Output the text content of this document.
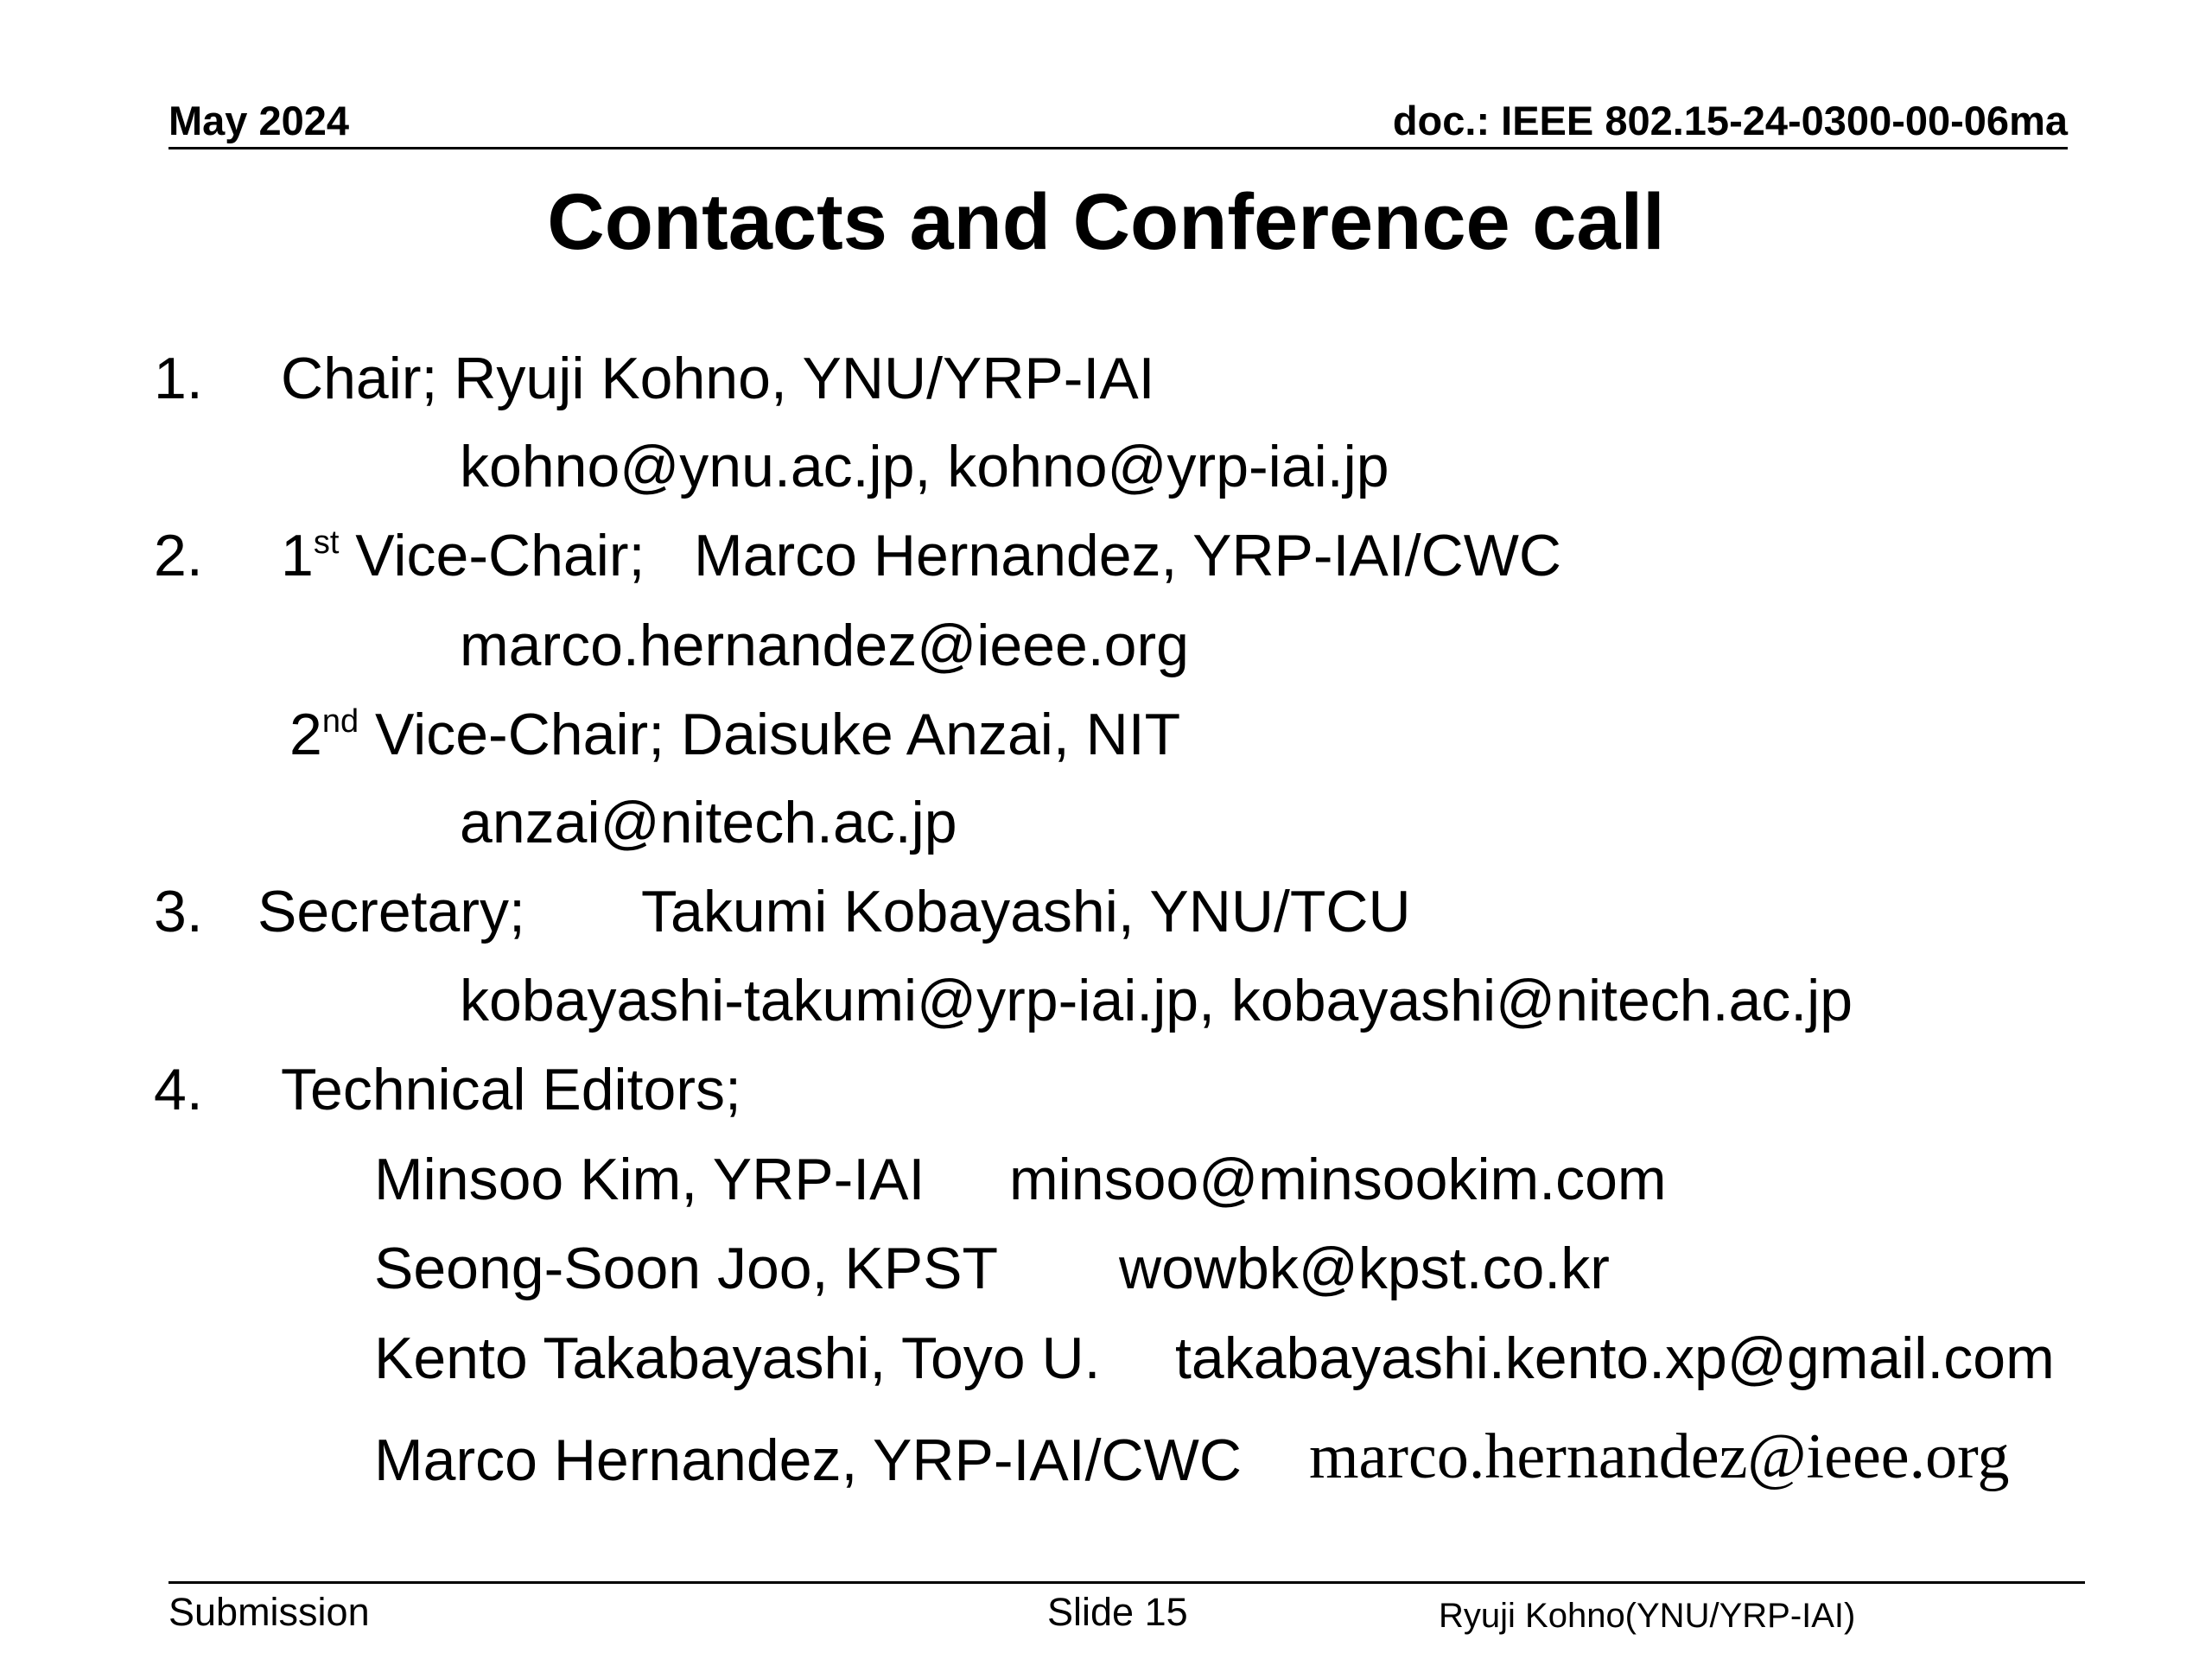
May 2024	doc.: IEEE 802.15-24-0300-00-06ma
Contacts and Conference call
1. Chair; Ryuji Kohno, YNU/YRP-IAI
kohno@ynu.ac.jp, kohno@yrp-iai.jp
2. 1st Vice-Chair;   Marco Hernandez, YRP-IAI/CWC
marco.hernandez@ieee.org
2nd Vice-Chair; Daisuke Anzai, NIT
anzai@nitech.ac.jp
3. Secretary; Takumi Kobayashi, YNU/TCU
kobayashi-takumi@yrp-iai.jp, kobayashi@nitech.ac.jp
4. Technical Editors;
Minsoo Kim, YRP-IAI minsoo@minsookim.com
Seong-Soon Joo, KPST wowbk@kpst.co.kr
Kento Takabayashi, Toyo U. takabayashi.kento.xp@gmail.com
Marco Hernandez, YRP-IAI/CWC marco.hernandez@ieee.org
Submission	Slide 15	Ryuji Kohno(YNU/YRP-IAI)
